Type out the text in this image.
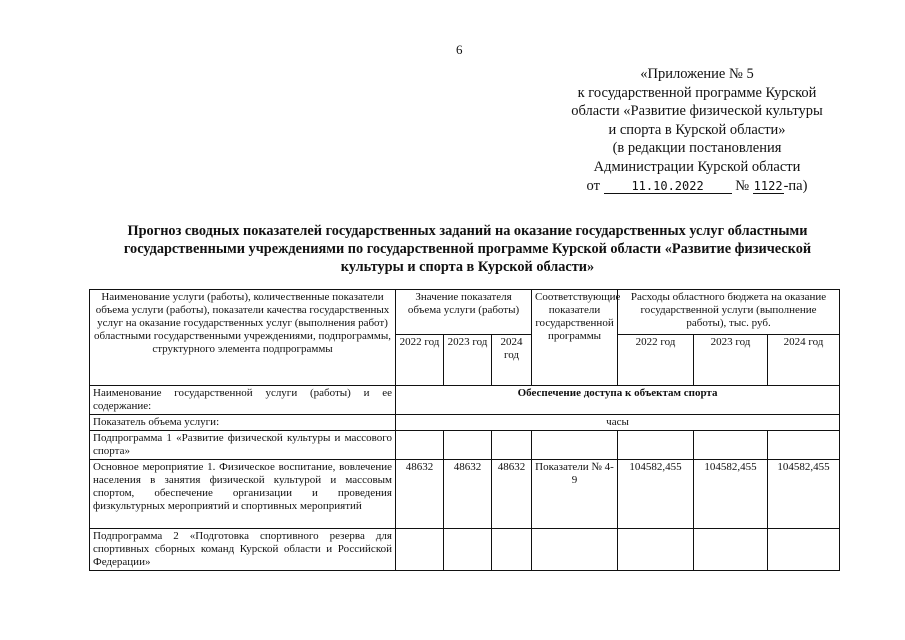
6
«Приложение № 5
к государственной программе Курской
области «Развитие физической культуры
и спорта в Курской области»
(в редакции постановления
Администрации Курской области
от	11.10.2022 № 1122-па)
Прогноз сводных показателей государственных заданий на оказание государственных услуг областными государственными учреждениями по государственной программе Курской области «Развитие физической культуры и спорта в Курской области»
Наименование услуги (работы), количественные показатели объема услуги (работы), показатели качества государственных услуг на оказание государственных услуг (выполнения работ) областными государственными учреждениями, подпрограммы, структурного элемента подпрограммы	Значение показателя объема услуги (работы)			Соответствующие показатели государственной программы	Расходы областного бюджета на оказание государственной услуги (выполнение работы), тыс. руб.		
	2022 год	2023 год	2024 год		2022 год	2023 год	2024 год
Наименование государственной услуги (работы) и ее содержание:	Обеспечение доступа к объектам спорта						
Показатель объема услуги:	часы						
Подпрограмма 1 «Развитие физической культуры и массового спорта»							
Основное мероприятие 1. Физическое воспитание, вовлечение населения в занятия физической культурой и массовым спортом, обеспечение организации и проведения физкультурных мероприятий и спортивных мероприятий	48632	48632	48632	Показатели № 4-9	104582,455	104582,455	104582,455
Подпрограмма 2 «Подготовка спортивного резерва для спортивных сборных команд Курской области и Российской Федерации»							
